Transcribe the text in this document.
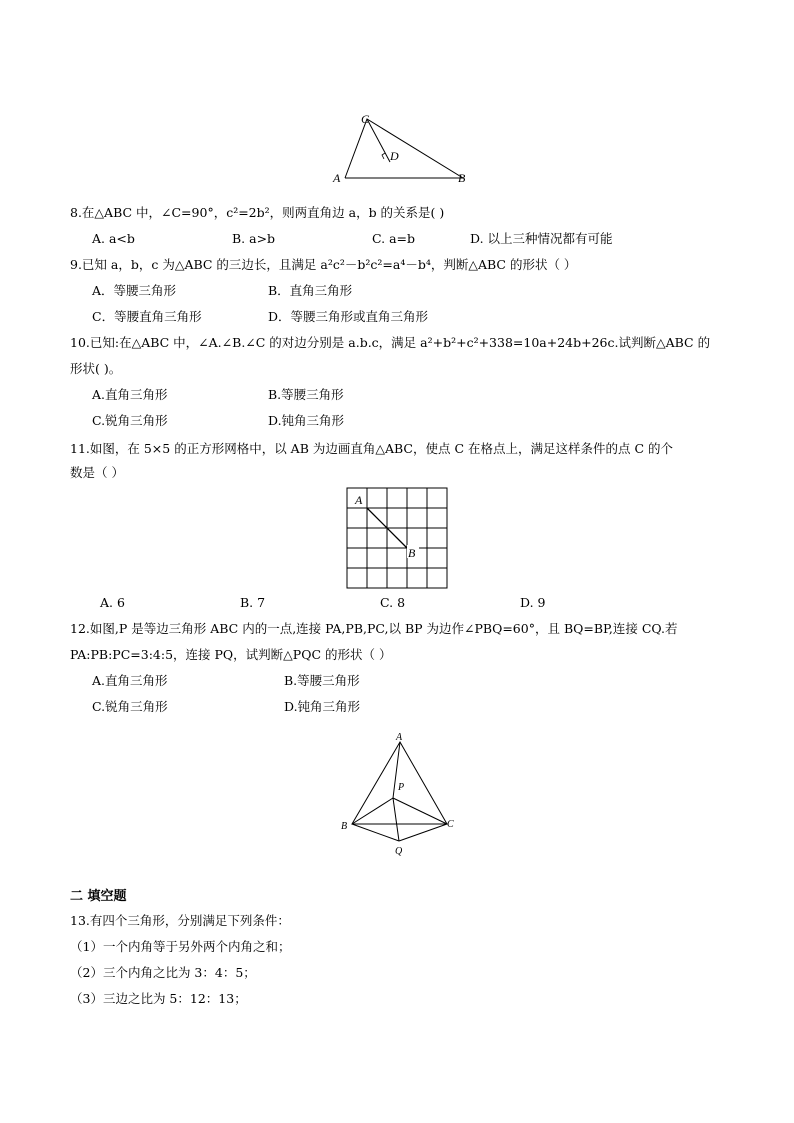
C
D
A	B
8.在△ABC 中，∠C=90°，c²=2b²，则两直角边 a，b 的关系是( )
A. a<b	B. a>b	C. a=b	D. 以上三种情况都有可能
9.已知 a，b，c 为△ABC 的三边长，且满足 a²c²－b²c²=a⁴－b⁴，判断△ABC 的形状（ ）
A．等腰三角形	B．直角三角形
C．等腰直角三角形	D．等腰三角形或直角三角形
10.已知:在△ABC 中，∠A.∠B.∠C 的对边分别是 a.b.c，满足 a²+b²+c²+338=10a+24b+26c.试判断△ABC 的
形状( )。
A.直角三角形	B.等腰三角形
C.锐角三角形	D.钝角三角形
11.如图，在 5×5 的正方形网格中，以 AB 为边画直角△ABC，使点 C 在格点上，满足这样条件的点 C 的个
数是（ ）
A
B
A. 6	B. 7	C. 8	D. 9
12.如图,P 是等边三角形 ABC 内的一点,连接 PA,PB,PC,以 BP 为边作∠PBQ=60°，且 BQ=BP,连接 CQ.若
PA:PB:PC=3:4:5，连接 PQ，试判断△PQC 的形状（ ）
A.直角三角形	B.等腰三角形
C.锐角三角形	D.钝角三角形
A
P
B	C
Q
二 填空题
13.有四个三角形，分别满足下列条件：
（1）一个内角等于另外两个内角之和；
（2）三个内角之比为 3：4：5；
（3）三边之比为 5：12：13；
